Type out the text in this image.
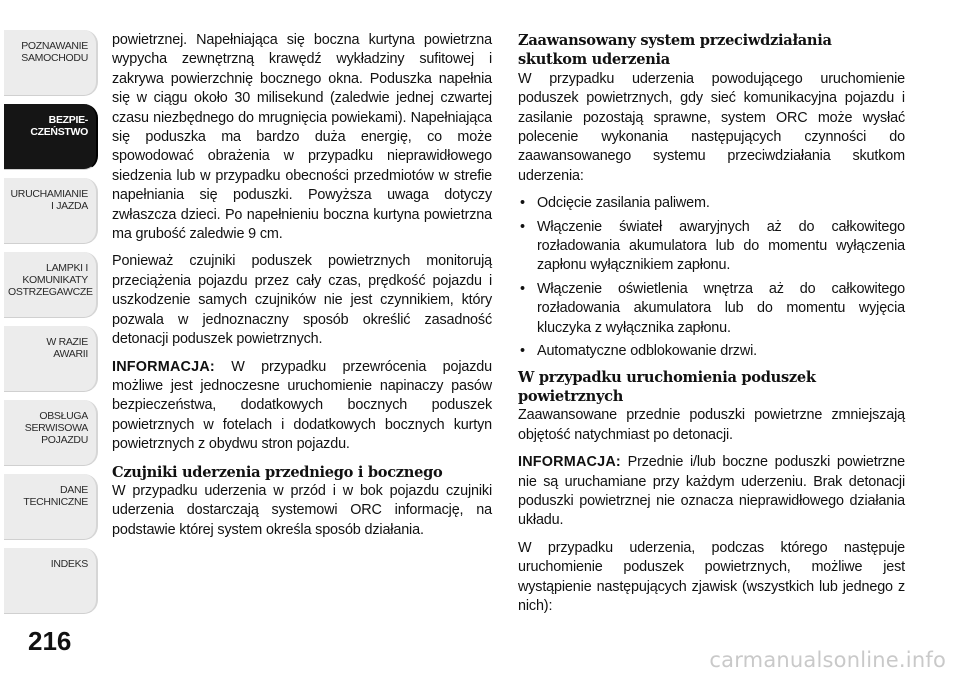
POZNAWANIE
SAMOCHODU
BEZPIE-
CZEŃSTWO
URUCHAMIANIE
I JAZDA
LAMPKI I
KOMUNIKATY
OSTRZEGAWCZE
W RAZIE
AWARII
OBSŁUGA
SERWISOWA
POJAZDU
DANE
TECHNICZNE
INDEKS
216

powietrznej. Napełniająca się boczna kurtyna powietrzna wypycha zewnętrzną krawędź wykładziny sufitowej i zakrywa powierzchnię bocznego okna. Poduszka napełnia się w ciągu około 30 milisekund (zaledwie jednej czwartej czasu niezbędnego do mrugnięcia powiekami). Napełniająca się poduszka ma bardzo duża energię, co może spowodować obrażenia w przypadku nieprawidłowego siedzenia lub w przypadku obecności przedmiotów w strefie napełniania się poduszki. Powyższa uwaga dotyczy zwłaszcza dzieci. Po napełnieniu boczna kurtyna powietrzna ma grubość zaledwie 9 cm.

Ponieważ czujniki poduszek powietrznych monitorują przeciążenia pojazdu przez cały czas, prędkość pojazdu i uszkodzenie samych czujników nie jest czynnikiem, który pozwala w jednoznaczny sposób określić zasadność detonacji poduszek powietrznych.

INFORMACJA: W przypadku przewrócenia pojazdu możliwe jest jednoczesne uruchomienie napinaczy pasów bezpieczeństwa, dodatkowych bocznych poduszek powietrznych w fotelach i dodatkowych bocznych kurtyn powietrznych z obydwu stron pojazdu.

Czujniki uderzenia przedniego i bocznego

W przypadku uderzenia w przód i w bok pojazdu czujniki uderzenia dostarczają systemowi ORC informację, na podstawie której system określa sposób działania.

Zaawansowany system przeciwdziałania skutkom uderzenia

W przypadku uderzenia powodującego uruchomienie poduszek powietrznych, gdy sieć komunikacyjna pojazdu i zasilanie pozostają sprawne, system ORC może wysłać polecenie wykonania następujących czynności do zaawansowanego systemu przeciwdziałania skutkom uderzenia:

• Odcięcie zasilania paliwem.
• Włączenie świateł awaryjnych aż do całkowitego rozładowania akumulatora lub do momentu wyłączenia zapłonu wyłącznikiem zapłonu.
• Włączenie oświetlenia wnętrza aż do całkowitego rozładowania akumulatora lub do momentu wyjęcia kluczyka z wyłącznika zapłonu.
• Automatyczne odblokowanie drzwi.
W przypadku uruchomienia poduszek powietrznych

Zaawansowane przednie poduszki powietrzne zmniejszają objętość natychmiast po detonacji.

INFORMACJA: Przednie i/lub boczne poduszki powietrzne nie są uruchamiane przy każdym uderzeniu. Brak detonacji poduszki powietrznej nie oznacza nieprawidłowego działania układu.

W przypadku uderzenia, podczas którego następuje uruchomienie poduszek powietrznych, możliwe jest wystąpienie następujących zjawisk (wszystkich lub jednego z nich):

carmanualsonline.info
